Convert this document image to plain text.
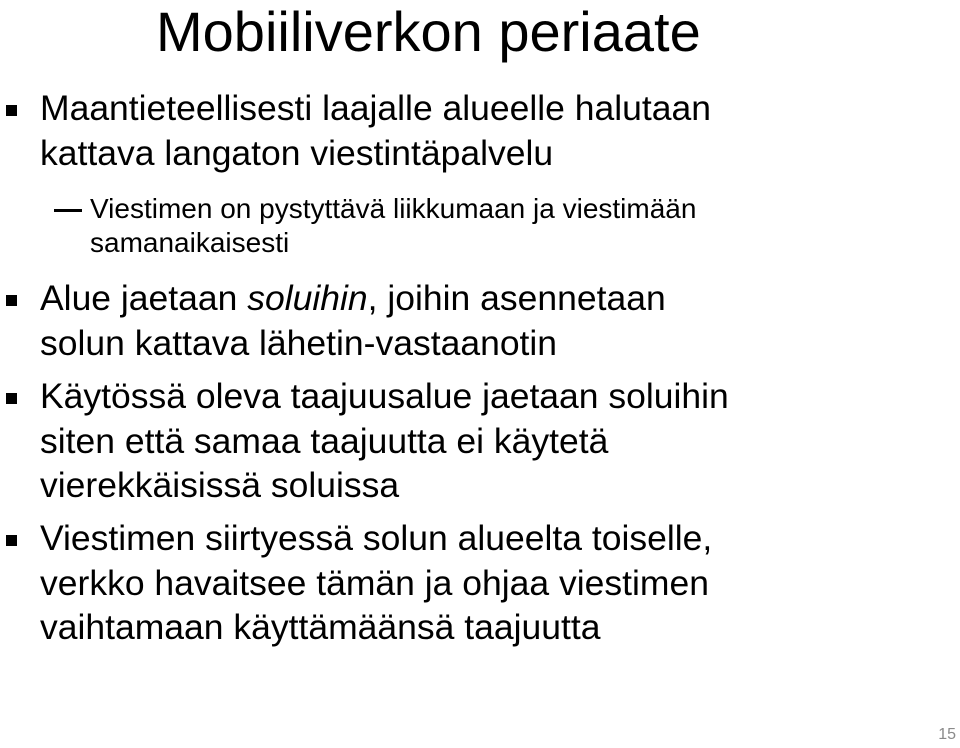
Mobiiliverkon periaate
Maantieteellisesti laajalle alueelle halutaan
kattava langaton viestintäpalvelu
Viestimen on pystyttävä liikkumaan ja viestimään
samanaikaisesti
Alue jaetaan soluihin, joihin asennetaan
solun kattava lähetin-vastaanotin
Käytössä oleva taajuusalue jaetaan soluihin
siten että samaa taajuutta ei käytetä
vierekkäisissä soluissa
Viestimen siirtyessä solun alueelta toiselle,
verkko havaitsee tämän ja ohjaa viestimen
vaihtamaan käyttämäänsä taajuutta
15
